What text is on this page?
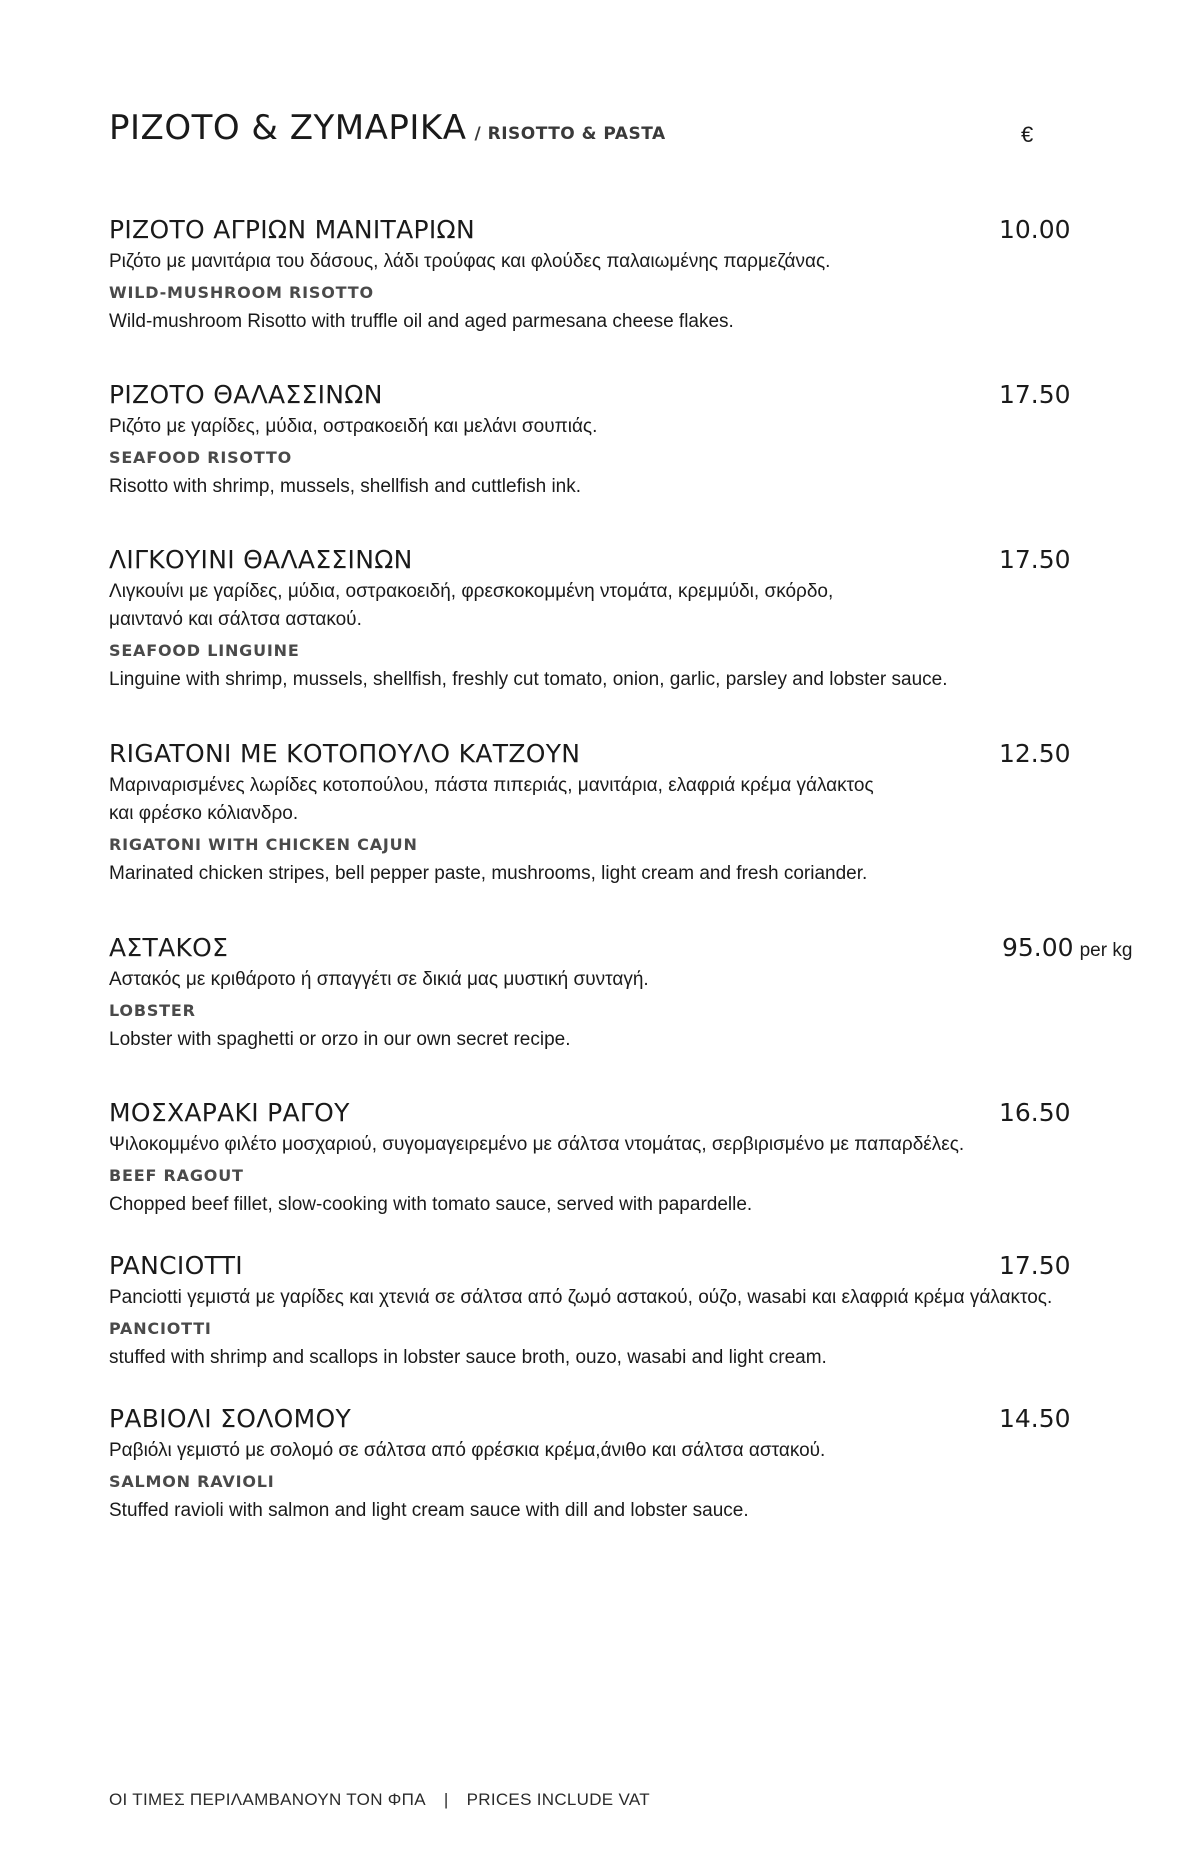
ΡΙΖΟΤΟ & ΖΥΜΑΡΙΚΑ / RISOTTO & PASTA	€
ΡΙΖΟΤΟ ΑΓΡΙΩΝ ΜΑΝΙΤΑΡΙΩΝ	10.00
Ριζότο με μανιτάρια του δάσους, λάδι τρούφας και φλούδες παλαιωμένης παρμεζάνας.
WILD-MUSHROOM RISOTTO
Wild-mushroom Risotto with truffle oil and aged parmesana cheese flakes.
ΡΙΖΟΤΟ ΘΑΛΑΣΣΙΝΩΝ	17.50
Ριζότο με γαρίδες, μύδια, οστρακοειδή και μελάνι σουπιάς.
SEAFOOD RISOTTO
Risotto with shrimp, mussels, shellfish and cuttlefish ink.
ΛΙΓΚΟΥΙΝΙ ΘΑΛΑΣΣΙΝΩΝ	17.50
Λιγκουίνι με γαρίδες, μύδια, οστρακοειδή, φρεσκοκομμένη ντομάτα, κρεμμύδι, σκόρδο,
μαιντανό και σάλτσα αστακού.
SEAFOOD LINGUINE
Linguine with shrimp, mussels, shellfish, freshly cut tomato, onion, garlic, parsley and lobster sauce.
RIGATONI ΜΕ ΚΟΤΟΠΟΥΛΟ ΚΑΤΖΟΥΝ	12.50
Μαριναρισμένες λωρίδες κοτοπούλου, πάστα πιπεριάς, μανιτάρια, ελαφριά κρέμα γάλακτος
και φρέσκο κόλιανδρο.
RIGATONI WITH CHICKEN CAJUN
Marinated chicken stripes, bell pepper paste, mushrooms, light cream and fresh coriander.
ΑΣΤΑΚΟΣ	95.00 per kg
Αστακός με κριθάροτο ή σπαγγέτι σε δικιά μας μυστική συνταγή.
LOBSTER
Lobster with spaghetti or orzo in our own secret recipe.
ΜΟΣΧΑΡΑΚΙ ΡΑΓΟΥ	16.50
Ψιλοκομμένο φιλέτο μοσχαριού, συγομαγειρεμένο με σάλτσα ντομάτας, σερβιρισμένο με παπαρδέλες.
BEEF RAGOUT
Chopped beef fillet, slow-cooking with tomato sauce, served with papardelle.
PANCIOTTI	17.50
Panciotti γεμιστά με γαρίδες και χτενιά σε σάλτσα από ζωμό αστακού, ούζο, wasabi και ελαφριά κρέμα γάλακτος.
PANCIOTTI
stuffed with shrimp and scallops in lobster sauce broth, ouzo, wasabi and light cream.
ΡΑΒΙΟΛΙ ΣΟΛΟΜΟΥ	14.50
Ραβιόλι γεμιστό με σολομό σε σάλτσα από φρέσκια κρέμα,άνιθο και σάλτσα αστακού.
SALMON RAVIOLI
Stuffed ravioli with salmon and light cream sauce with dill and lobster sauce.
ΟΙ ΤΙΜΕΣ ΠΕΡΙΛΑΜΒΑΝΟΥΝ ΤΟΝ ΦΠΑ | PRICES INCLUDE VAT
